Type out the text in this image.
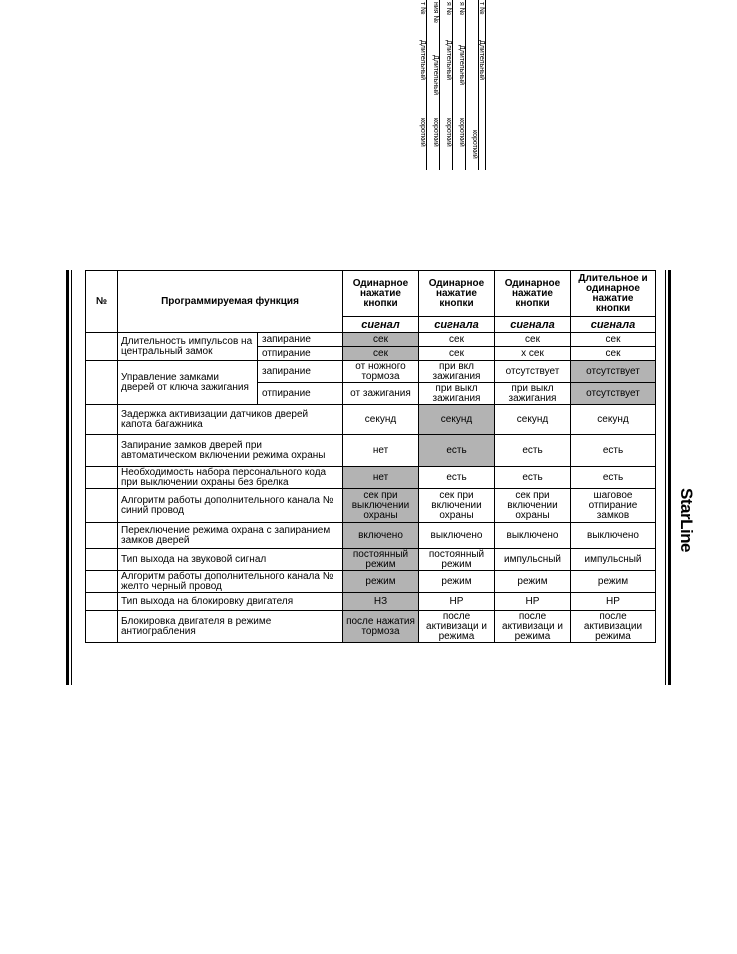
т № ния № я № я № т №
Длительный Длительный Длительный Длительный Длительный
короткий короткий короткий короткий короткий
StarLine
№	Программируемая функция		Одинарное нажатие кнопки	Одинарное нажатие кнопки	Одинарное нажатие кнопки	Длительное и одинарное нажатие кнопки
			сигнал	сигнала	сигнала	сигнала
	Длительность импульсов на центральный замок	запирание	сек	сек	сек	сек
		отпирание	сек	сек	х сек	сек
	Управление замками дверей от ключа зажигания	запирание	от ножного тормоза	при вкл зажигания	отсутствует	отсутствует
		отпирание	от зажигания	при выкл зажигания	при выкл зажигания	отсутствует
	Задержка активизации датчиков дверей капота багажника		секунд	секунд	секунд	секунд
	Запирание замков дверей при автоматическом включении режима охраны		нет	есть	есть	есть
	Необходимость набора персонального кода при выключении охраны без брелка		нет	есть	есть	есть
	Алгоритм работы дополнительного канала № синий провод		сек при выключении охраны	сек при включении охраны	сек при включении охраны	шаговое отпирание замков
	Переключение режима охрана с запиранием замков дверей		включено	выключено	выключено	выключено
	Тип выхода на звуковой сигнал		постоянный режим	постоянный режим	импульсный	импульсный
	Алгоритм работы дополнительного канала № желто черный провод		режим	режим	режим	режим
	Тип выхода на блокировку двигателя		НЗ	НР	НР	НР
	Блокировка двигателя в режиме антиограбления		после нажатия тормоза	после активизаци и режима	после активизаци и режима	после активизации режима
